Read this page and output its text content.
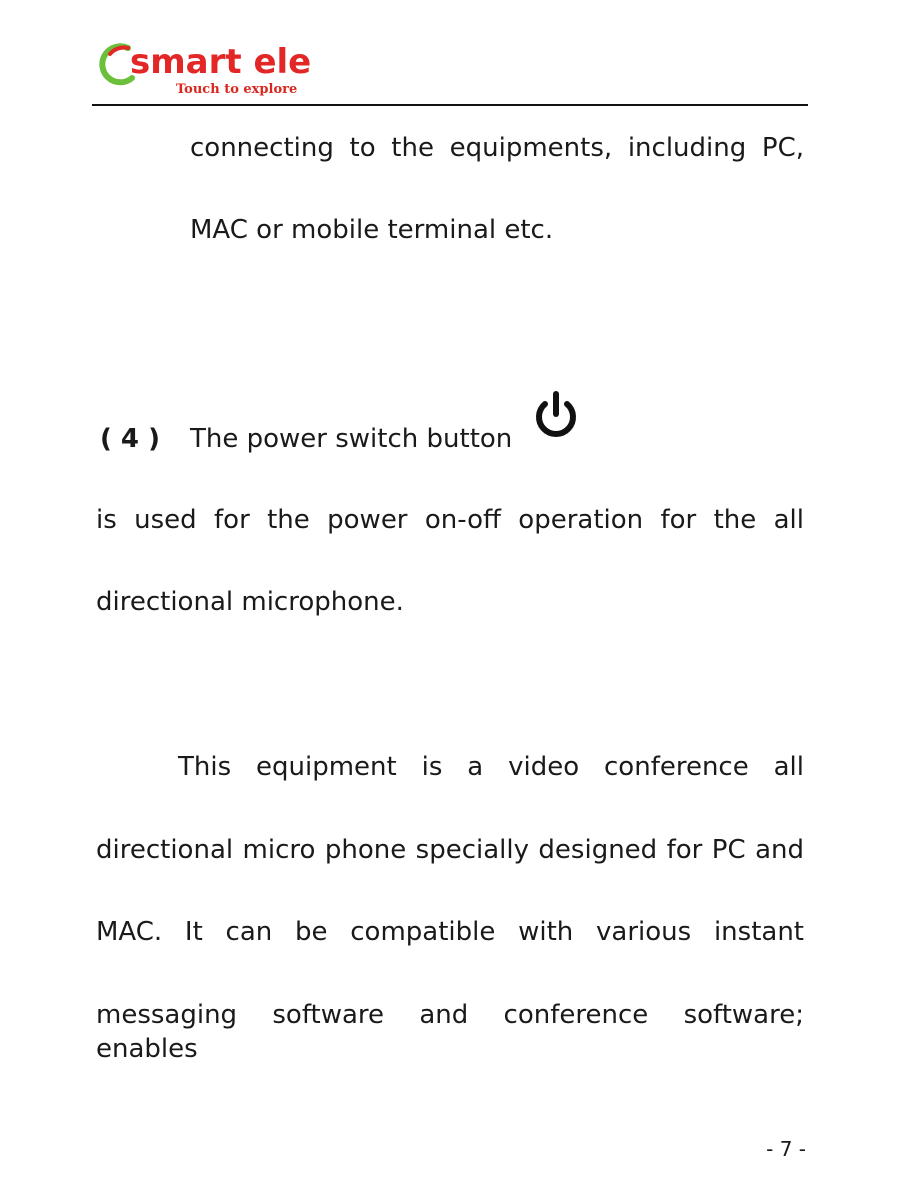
smart ele
Touch to explore
connecting to the equipments, including PC,
MAC or mobile terminal etc.
( 4 ) The power switch button
is used for the power on-off operation for the all
directional microphone.
This equipment is a video conference all
directional micro phone specially designed for PC and
MAC. It can be compatible with various instant
messaging software and conference software; enables
- 7 -
